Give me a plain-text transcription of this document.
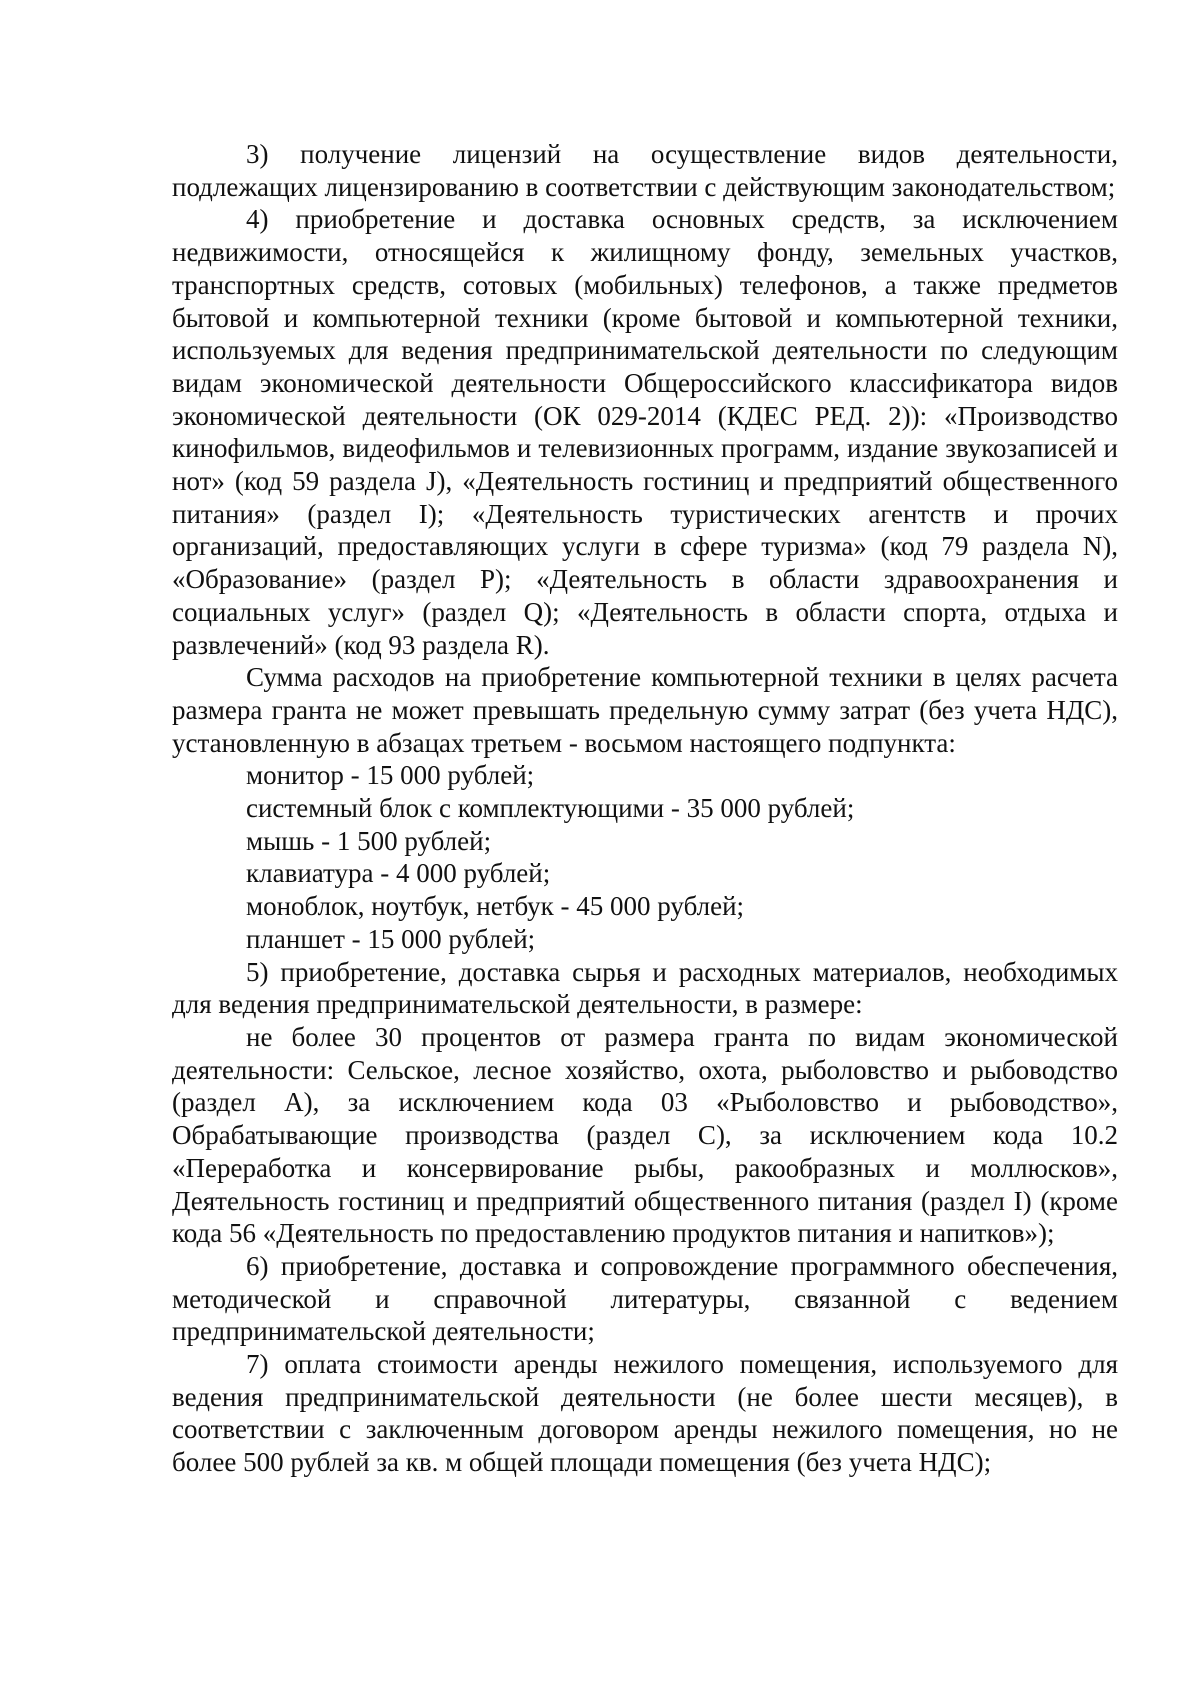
3) получение лицензий на осуществление видов деятельности, подлежащих лицензированию в соответствии с действующим законодательством;

4) приобретение и доставка основных средств, за исключением недвижимости, относящейся к жилищному фонду, земельных участков, транспортных средств, сотовых (мобильных) телефонов, а также предметов бытовой и компьютерной техники (кроме бытовой и компьютерной техники, используемых для ведения предпринимательской деятельности по следующим видам экономической деятельности Общероссийского классификатора видов экономической деятельности (ОК 029-2014 (КДЕС РЕД. 2)): «Производство кинофильмов, видеофильмов и телевизионных программ, издание звукозаписей и нот» (код 59 раздела J), «Деятельность гостиниц и предприятий общественного питания» (раздел I); «Деятельность туристических агентств и прочих организаций, предоставляющих услуги в сфере туризма» (код 79 раздела N), «Образование» (раздел P); «Деятельность в области здравоохранения и социальных услуг» (раздел Q); «Деятельность в области спорта, отдыха и развлечений» (код 93 раздела R).

Сумма расходов на приобретение компьютерной техники в целях расчета размера гранта не может превышать предельную сумму затрат (без учета НДС), установленную в абзацах третьем - восьмом настоящего подпункта:

монитор - 15 000 рублей;

системный блок с комплектующими - 35 000 рублей;

мышь - 1 500 рублей;

клавиатура - 4 000 рублей;

моноблок, ноутбук, нетбук - 45 000 рублей;

планшет - 15 000 рублей;

5) приобретение, доставка сырья и расходных материалов, необходимых для ведения предпринимательской деятельности, в размере:

не более 30 процентов от размера гранта по видам экономической деятельности: Сельское, лесное хозяйство, охота, рыболовство и рыбоводство (раздел A), за исключением кода 03 «Рыболовство и рыбоводство», Обрабатывающие производства (раздел C), за исключением кода 10.2 «Переработка и консервирование рыбы, ракообразных и моллюсков», Деятельность гостиниц и предприятий общественного питания (раздел I) (кроме кода 56 «Деятельность по предоставлению продуктов питания и напитков»);

6) приобретение, доставка и сопровождение программного обеспечения, методической и справочной литературы, связанной с ведением предпринимательской деятельности;

7) оплата стоимости аренды нежилого помещения, используемого для ведения предпринимательской деятельности (не более шести месяцев), в соответствии с заключенным договором аренды нежилого помещения, но не более 500 рублей за кв. м общей площади помещения (без учета НДС);
